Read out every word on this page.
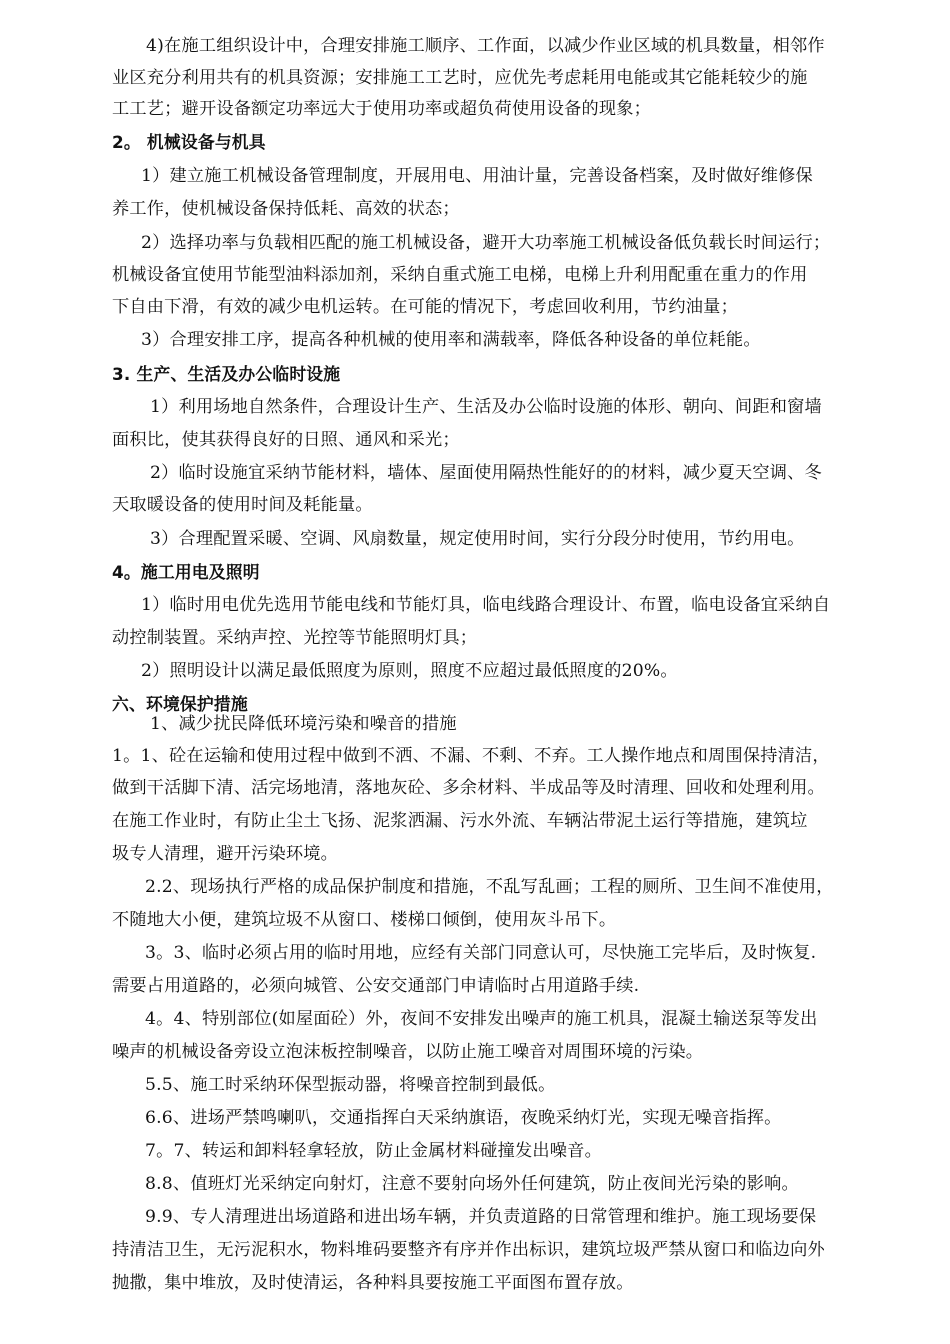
4)在施工组织设计中，合理安排施工顺序、工作面，以减少作业区域的机具数量，相邻作
业区充分利用共有的机具资源；安排施工工艺时，应优先考虑耗用电能或其它能耗较少的施
工工艺；避开设备额定功率远大于使用功率或超负荷使用设备的现象；
2。 机械设备与机具
1）建立施工机械设备管理制度，开展用电、用油计量，完善设备档案，及时做好维修保
养工作，使机械设备保持低耗、高效的状态；
2）选择功率与负载相匹配的施工机械设备，避开大功率施工机械设备低负载长时间运行；
机械设备宜使用节能型油料添加剂，采纳自重式施工电梯，电梯上升利用配重在重力的作用
下自由下滑，有效的减少电机运转。在可能的情况下，考虑回收利用，节约油量；
3）合理安排工序，提高各种机械的使用率和满载率，降低各种设备的单位耗能。
3. 生产、生活及办公临时设施
1）利用场地自然条件，合理设计生产、生活及办公临时设施的体形、朝向、间距和窗墙
面积比，使其获得良好的日照、通风和采光；
2）临时设施宜采纳节能材料，墙体、屋面使用隔热性能好的的材料，减少夏天空调、冬
天取暖设备的使用时间及耗能量。
3）合理配置采暖、空调、风扇数量，规定使用时间，实行分段分时使用，节约用电。
4。施工用电及照明
1）临时用电优先选用节能电线和节能灯具，临电线路合理设计、布置，临电设备宜采纳自
动控制装置。采纳声控、光控等节能照明灯具；
2）照明设计以满足最低照度为原则，照度不应超过最低照度的20%。
六、环境保护措施
1、减少扰民降低环境污染和噪音的措施
1。1、砼在运输和使用过程中做到不洒、不漏、不剩、不弃。工人操作地点和周围保持清洁，
做到干活脚下清、活完场地清，落地灰砼、多余材料、半成品等及时清理、回收和处理利用。
在施工作业时，有防止尘土飞扬、泥浆洒漏、污水外流、车辆沾带泥土运行等措施，建筑垃
圾专人清理，避开污染环境。
2.2、现场执行严格的成品保护制度和措施，不乱写乱画；工程的厕所、卫生间不准使用，
不随地大小便，建筑垃圾不从窗口、楼梯口倾倒，使用灰斗吊下。
3。3、临时必须占用的临时用地，应经有关部门同意认可，尽快施工完毕后，及时恢复.
需要占用道路的，必须向城管、公安交通部门申请临时占用道路手续.
4。4、特别部位(如屋面砼）外，夜间不安排发出噪声的施工机具，混凝土输送泵等发出
噪声的机械设备旁设立泡沫板控制噪音，以防止施工噪音对周围环境的污染。
5.5、施工时采纳环保型振动器，将噪音控制到最低。
6.6、进场严禁鸣喇叭，交通指挥白天采纳旗语，夜晚采纳灯光，实现无噪音指挥。
7。7、转运和卸料轻拿轻放，防止金属材料碰撞发出噪音。
8.8、值班灯光采纳定向射灯，注意不要射向场外任何建筑，防止夜间光污染的影响。
9.9、专人清理进出场道路和进出场车辆，并负责道路的日常管理和维护。施工现场要保
持清洁卫生，无污泥积水，物料堆码要整齐有序并作出标识，建筑垃圾严禁从窗口和临边向外
抛撒，集中堆放，及时使清运，各种料具要按施工平面图布置存放。
